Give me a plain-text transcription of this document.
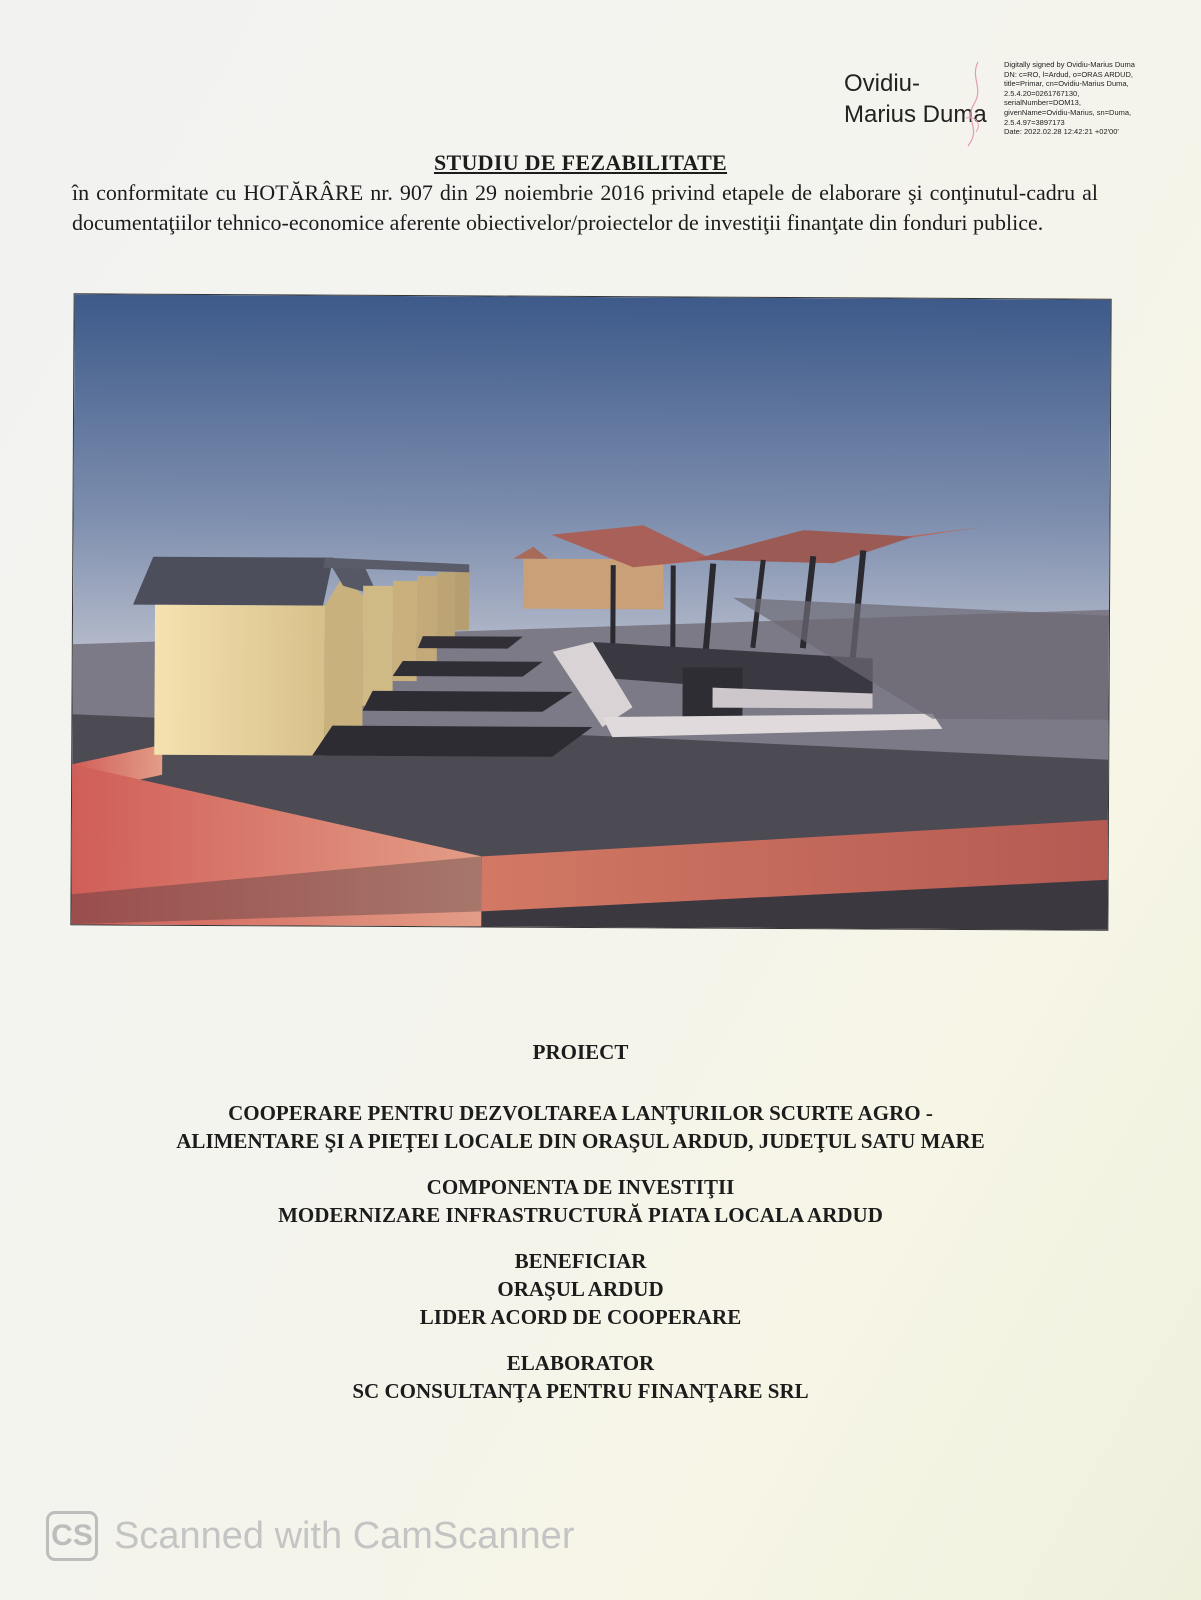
Ovidiu-
Marius Duma
Digitally signed by Ovidiu-Marius Duma
DN: c=RO, l=Ardud, o=ORAS ARDUD,
title=Primar, cn=Ovidiu-Marius Duma,
2.5.4.20=0261767130,
serialNumber=DOM13,
givenName=Ovidiu-Marius, sn=Duma,
2.5.4.97=3897173
Date: 2022.02.28 12:42:21 +02'00'
STUDIU DE FEZABILITATE
în conformitate cu HOTĂRÂRE nr. 907 din 29 noiembrie 2016 privind etapele de elaborare şi conţinutul-cadru al documentaţiilor tehnico-economice aferente obiectivelor/proiectelor de investiţii finanţate din fonduri publice.
PROIECT
COOPERARE PENTRU DEZVOLTAREA LANŢURILOR SCURTE AGRO -
ALIMENTARE ŞI A PIEŢEI LOCALE DIN ORAŞUL ARDUD, JUDEŢUL SATU MARE
COMPONENTA DE INVESTIŢII
MODERNIZARE INFRASTRUCTURĂ PIATA LOCALA ARDUD
BENEFICIAR
ORAŞUL ARDUD
LIDER ACORD DE COOPERARE
ELABORATOR
SC CONSULTANŢA PENTRU FINANŢARE SRL
CS Scanned with CamScanner
